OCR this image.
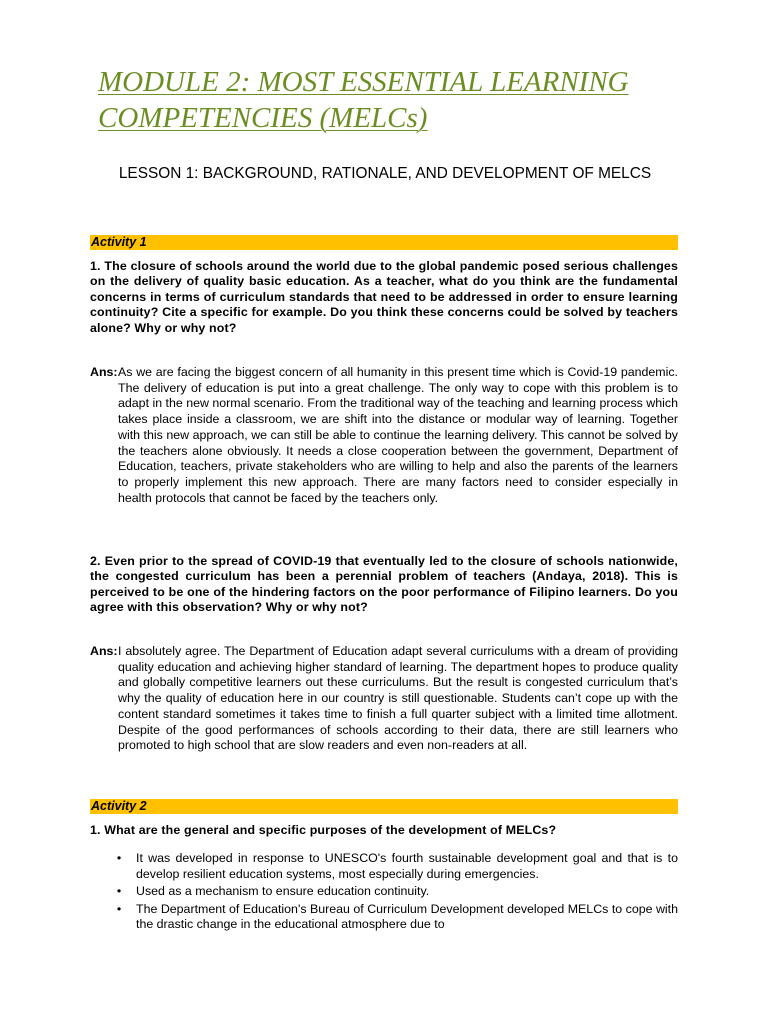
MODULE 2: MOST ESSENTIAL LEARNING COMPETENCIES (MELCs)
LESSON 1: BACKGROUND, RATIONALE, AND DEVELOPMENT OF MELCS
Activity 1
1. The closure of schools around the world due to the global pandemic posed serious challenges on the delivery of quality basic education. As a teacher, what do you think are the fundamental concerns in terms of curriculum standards that need to be addressed in order to ensure learning continuity? Cite a specific for example. Do you think these concerns could be solved by teachers alone? Why or why not?
Ans: As we are facing the biggest concern of all humanity in this present time which is Covid-19 pandemic. The delivery of education is put into a great challenge. The only way to cope with this problem is to adapt in the new normal scenario. From the traditional way of the teaching and learning process which takes place inside a classroom, we are shift into the distance or modular way of learning. Together with this new approach, we can still be able to continue the learning delivery. This cannot be solved by the teachers alone obviously. It needs a close cooperation between the government, Department of Education, teachers, private stakeholders who are willing to help and also the parents of the learners to properly implement this new approach. There are many factors need to consider especially in health protocols that cannot be faced by the teachers only.
2. Even prior to the spread of COVID-19 that eventually led to the closure of schools nationwide, the congested curriculum has been a perennial problem of teachers (Andaya, 2018). This is perceived to be one of the hindering factors on the poor performance of Filipino learners. Do you agree with this observation? Why or why not?
Ans: I absolutely agree. The Department of Education adapt several curriculums with a dream of providing quality education and achieving higher standard of learning. The department hopes to produce quality and globally competitive learners out these curriculums. But the result is congested curriculum that’s why the quality of education here in our country is still questionable. Students can’t cope up with the content standard sometimes it takes time to finish a full quarter subject with a limited time allotment. Despite of the good performances of schools according to their data, there are still learners who promoted to high school that are slow readers and even non-readers at all.
Activity 2
1. What are the general and specific purposes of the development of MELCs?
•	It was developed in response to UNESCO's fourth sustainable development goal and that is to develop resilient education systems, most especially during emergencies.
•	Used as a mechanism to ensure education continuity.
•	The Department of Education's Bureau of Curriculum Development developed MELCs to cope with the drastic change in the educational atmosphere due to
